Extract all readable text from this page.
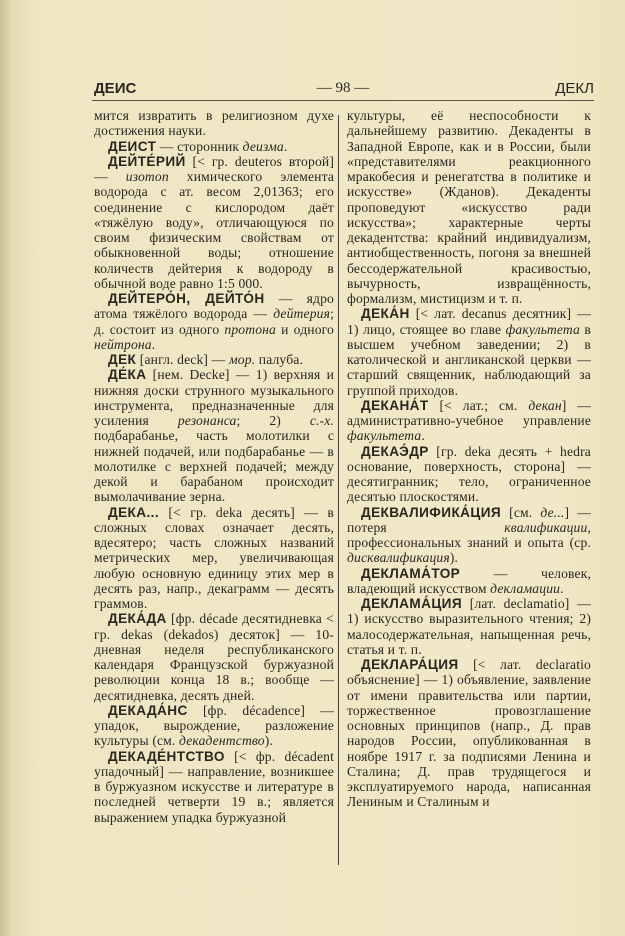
ДЕИС	— 98 —	ДЕКЛ

мится извратить в религиозном духе достижения науки.

ДЕИСТ — сторонник деизма.

ДЕЙТЕ́РИЙ [< гр. deuteros второй] — изотоп химического элемента водорода с ат. весом 2,01363; его соединение с кислородом даёт «тяжёлую воду», отличающуюся по своим физическим свойствам от обыкновенной воды; отношение количеств дейтерия к водороду в обычной воде равно 1:5 000.

ДЕЙТЕРО́Н, ДЕЙТО́Н — ядро атома тяжёлого водорода — дейтерия; д. состоит из одного протона и одного нейтрона.

ДЕК [англ. deck] — мор. палуба.

ДЕ́КА [нем. Decke] — 1) верхняя и нижняя доски струнного музыкального инструмента, предназначенные для усиления резонанса; 2) с.-х. подбарабанье, часть молотилки с нижней подачей, или подбарабанье — в молотилке с верхней подачей; между декой и барабаном происходит вымолачивание зерна.

ДЕКА... [< гр. deka десять] — в сложных словах означает десять, вдесятеро; часть сложных названий метрических мер, увеличивающая любую основную единицу этих мер в десять раз, напр., декаграмм — десять граммов.

ДЕКА́ДА [фр. décade десятидневка < гр. dekas (dekados) десяток] — 10-дневная неделя республиканского календаря Французской буржуазной революции конца 18 в.; вообще — десятидневка, десять дней.

ДЕКАДА́НС [фр. décadence] — упадок, вырождение, разложение культуры (см. декадентство).

ДЕКАДЕ́НТСТВО [< фр. décadent упадочный] — направление, возникшее в буржуазном искусстве и литературе в последней четверти 19 в.; является выражением упадка буржуазной

культуры, её неспособности к дальнейшему развитию. Декаденты в Западной Европе, как и в России, были «представителями реакционного мракобесия и ренегатства в политике и искусстве» (Жданов). Декаденты проповедуют «искусство ради искусства»; характерные черты декадентства: крайний индивидуализм, антиобщественность, погоня за внешней бессодержательной красивостью, вычурность, извращённость, формализм, мистицизм и т. п.

ДЕКА́Н [< лат. decanus десятник] — 1) лицо, стоящее во главе факультета в высшем учебном заведении; 2) в католической и англиканской церкви — старший священник, наблюдающий за группой приходов.

ДЕКАНА́Т [< лат.; см. декан] — административно-учебное управление факультета.

ДЕКАЭ́ДР [гр. deka десять + hedra основание, поверхность, сторона] — десятигранник; тело, ограниченное десятью плоскостями.

ДЕКВАЛИФИКА́ЦИЯ [см. де...] — потеря квалификации, профессиональных знаний и опыта (ср. дисквалификация).

ДЕКЛАМА́ТОР — человек, владеющий искусством декламации.

ДЕКЛАМА́ЦИЯ [лат. declamatio] — 1) искусство выразительного чтения; 2) малосодержательная, напыщенная речь, статья и т. п.

ДЕКЛАРА́ЦИЯ [< лат. declaratio объяснение] — 1) объявление, заявление от имени правительства или партии, торжественное провозглашение основных принципов (напр., Д. прав народов России, опубликованная в ноябре 1917 г. за подписями Ленина и Сталина; Д. прав трудящегося и эксплуатируемого народа, написанная Лениным и Сталиным и
